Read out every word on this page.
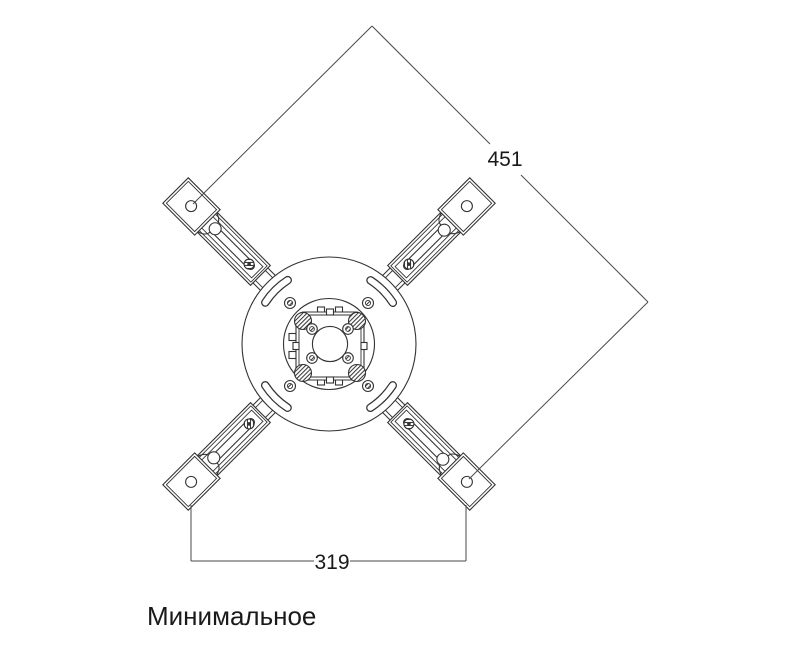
451
319
Минимальное
